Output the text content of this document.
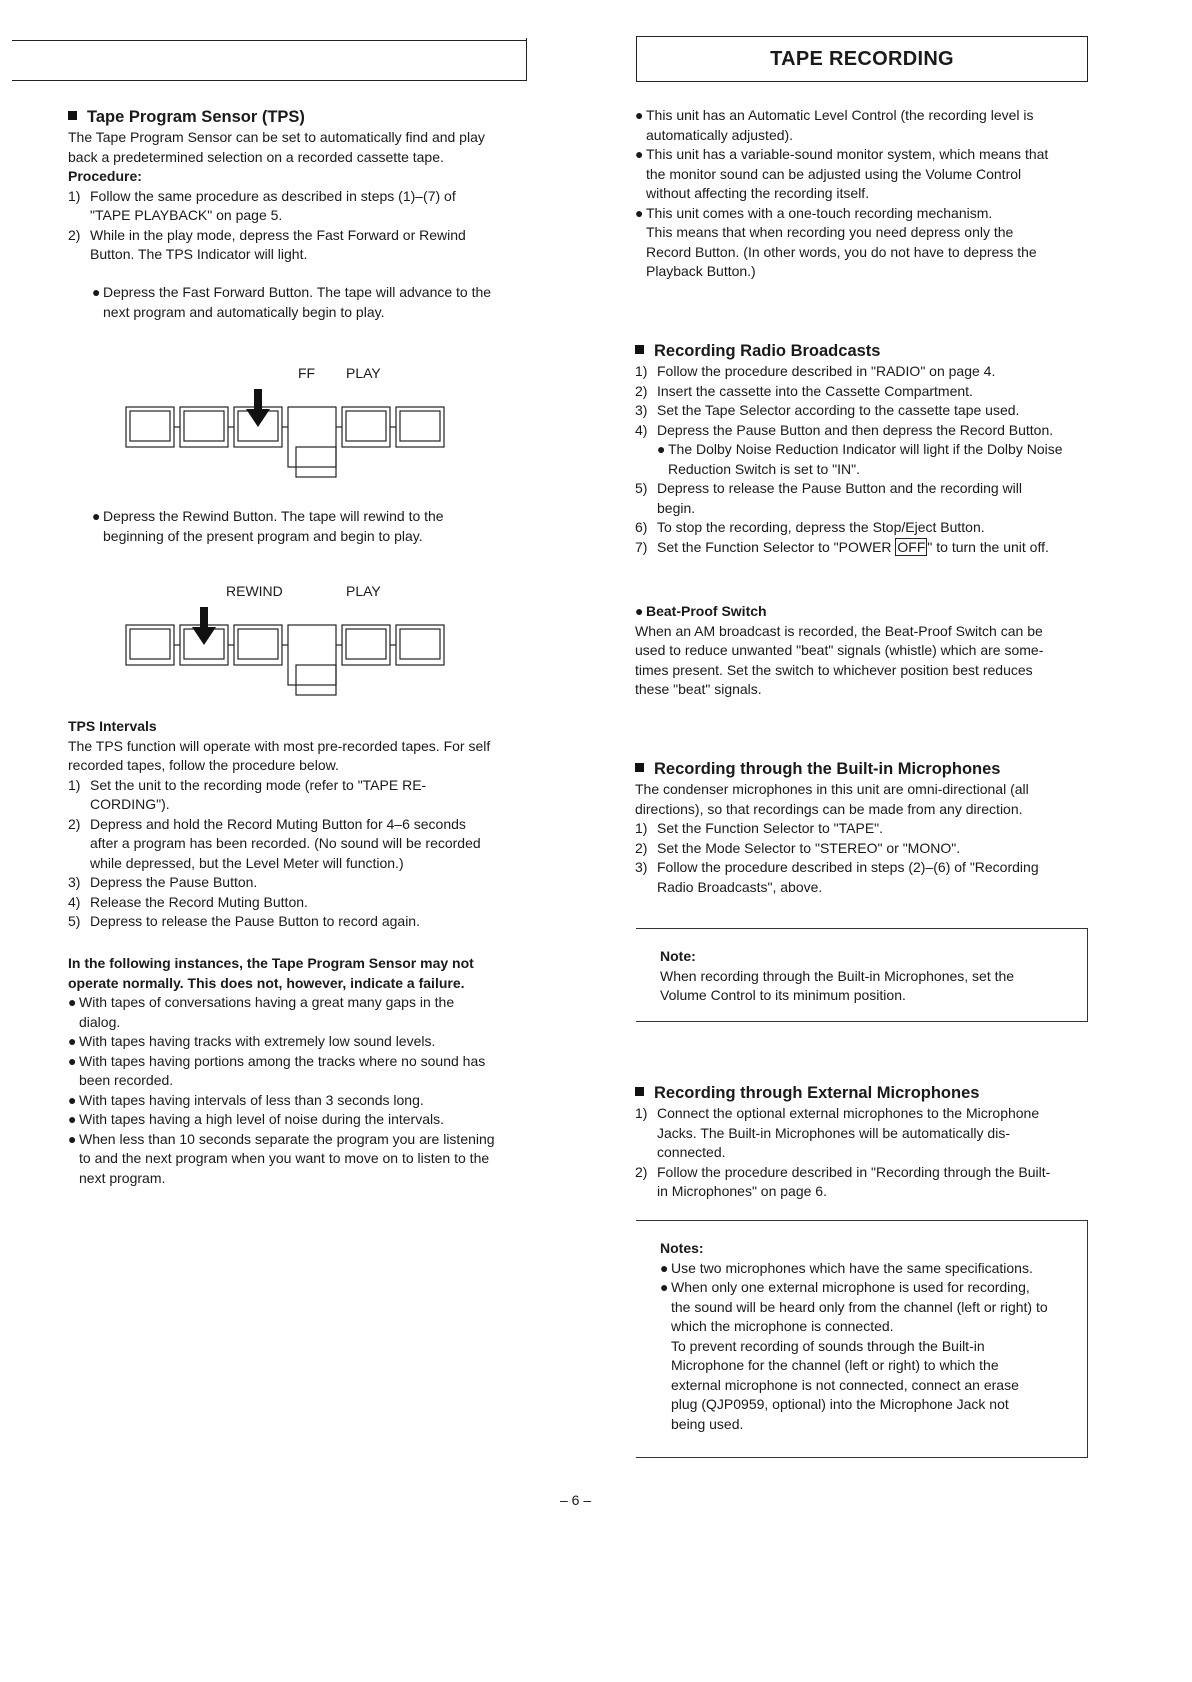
TAPE RECORDING

Tape Program Sensor (TPS)

The Tape Program Sensor can be set to automatically find and play

back a predetermined selection on a recorded cassette tape.

Procedure:

1) Follow the same procedure as described in steps (1)–(7) of
"TAPE PLAYBACK" on page 5.
2) While in the play mode, depress the Fast Forward or Rewind
Button. The TPS Indicator will light.
● Depress the Fast Forward Button. The tape will advance to the
next program and automatically begin to play.
FF PLAY
● Depress the Rewind Button. The tape will rewind to the
beginning of the present program and begin to play.
REWIND	PLAY

TPS Intervals

The TPS function will operate with most pre-recorded tapes. For self

recorded tapes, follow the procedure below.

1) Set the unit to the recording mode (refer to "TAPE RE-
CORDING").
2) Depress and hold the Record Muting Button for 4–6 seconds
after a program has been recorded. (No sound will be recorded
while depressed, but the Level Meter will function.)
3) Depress the Pause Button.
4) Release the Record Muting Button.
5) Depress to release the Pause Button to record again.

In the following instances, the Tape Program Sensor may not

operate normally. This does not, however, indicate a failure.

● With tapes of conversations having a great many gaps in the
dialog.
● With tapes having tracks with extremely low sound levels.
● With tapes having portions among the tracks where no sound has
been recorded.
● With tapes having intervals of less than 3 seconds long.
● With tapes having a high level of noise during the intervals.
● When less than 10 seconds separate the program you are listening
to and the next program when you want to move on to listen to the
next program.
● This unit has an Automatic Level Control (the recording level is
automatically adjusted).
● This unit has a variable-sound monitor system, which means that
the monitor sound can be adjusted using the Volume Control
without affecting the recording itself.
● This unit comes with a one-touch recording mechanism.

This means that when recording you need depress only the

Record Button. (In other words, you do not have to depress the

Playback Button.)

Recording Radio Broadcasts

1) Follow the procedure described in "RADIO" on page 4.
2) Insert the cassette into the Cassette Compartment.
3) Set the Tape Selector according to the cassette tape used.
4) Depress the Pause Button and then depress the Record Button.
● The Dolby Noise Reduction Indicator will light if the Dolby Noise
Reduction Switch is set to "IN".
5) Depress to release the Pause Button and the recording will
begin.
6) To stop the recording, depress the Stop/Eject Button.
7) Set the Function Selector to "POWER OFF " to turn the unit off.
● Beat-Proof Switch

When an AM broadcast is recorded, the Beat-Proof Switch can be

used to reduce unwanted "beat" signals (whistle) which are some-

times present. Set the switch to whichever position best reduces

these "beat" signals.

Recording through the Built-in Microphones

The condenser microphones in this unit are omni-directional (all

directions), so that recordings can be made from any direction.

1) Set the Function Selector to "TAPE".
2) Set the Mode Selector to "STEREO" or "MONO".
3) Follow the procedure described in steps (2)–(6) of "Recording
Radio Broadcasts", above.

Note:

When recording through the Built-in Microphones, set the

Volume Control to its minimum position.

Recording through External Microphones

1) Connect the optional external microphones to the Microphone
Jacks. The Built-in Microphones will be automatically dis-
connected.
2) Follow the procedure described in "Recording through the Built-
in Microphones" on page 6.

Notes:

● Use two microphones which have the same specifications.
● When only one external microphone is used for recording,
the sound will be heard only from the channel (left or right) to
which the microphone is connected.

To prevent recording of sounds through the Built-in

Microphone for the channel (left or right) to which the

external microphone is not connected, connect an erase

plug (QJP0959, optional) into the Microphone Jack not

being used.

– 6 –
